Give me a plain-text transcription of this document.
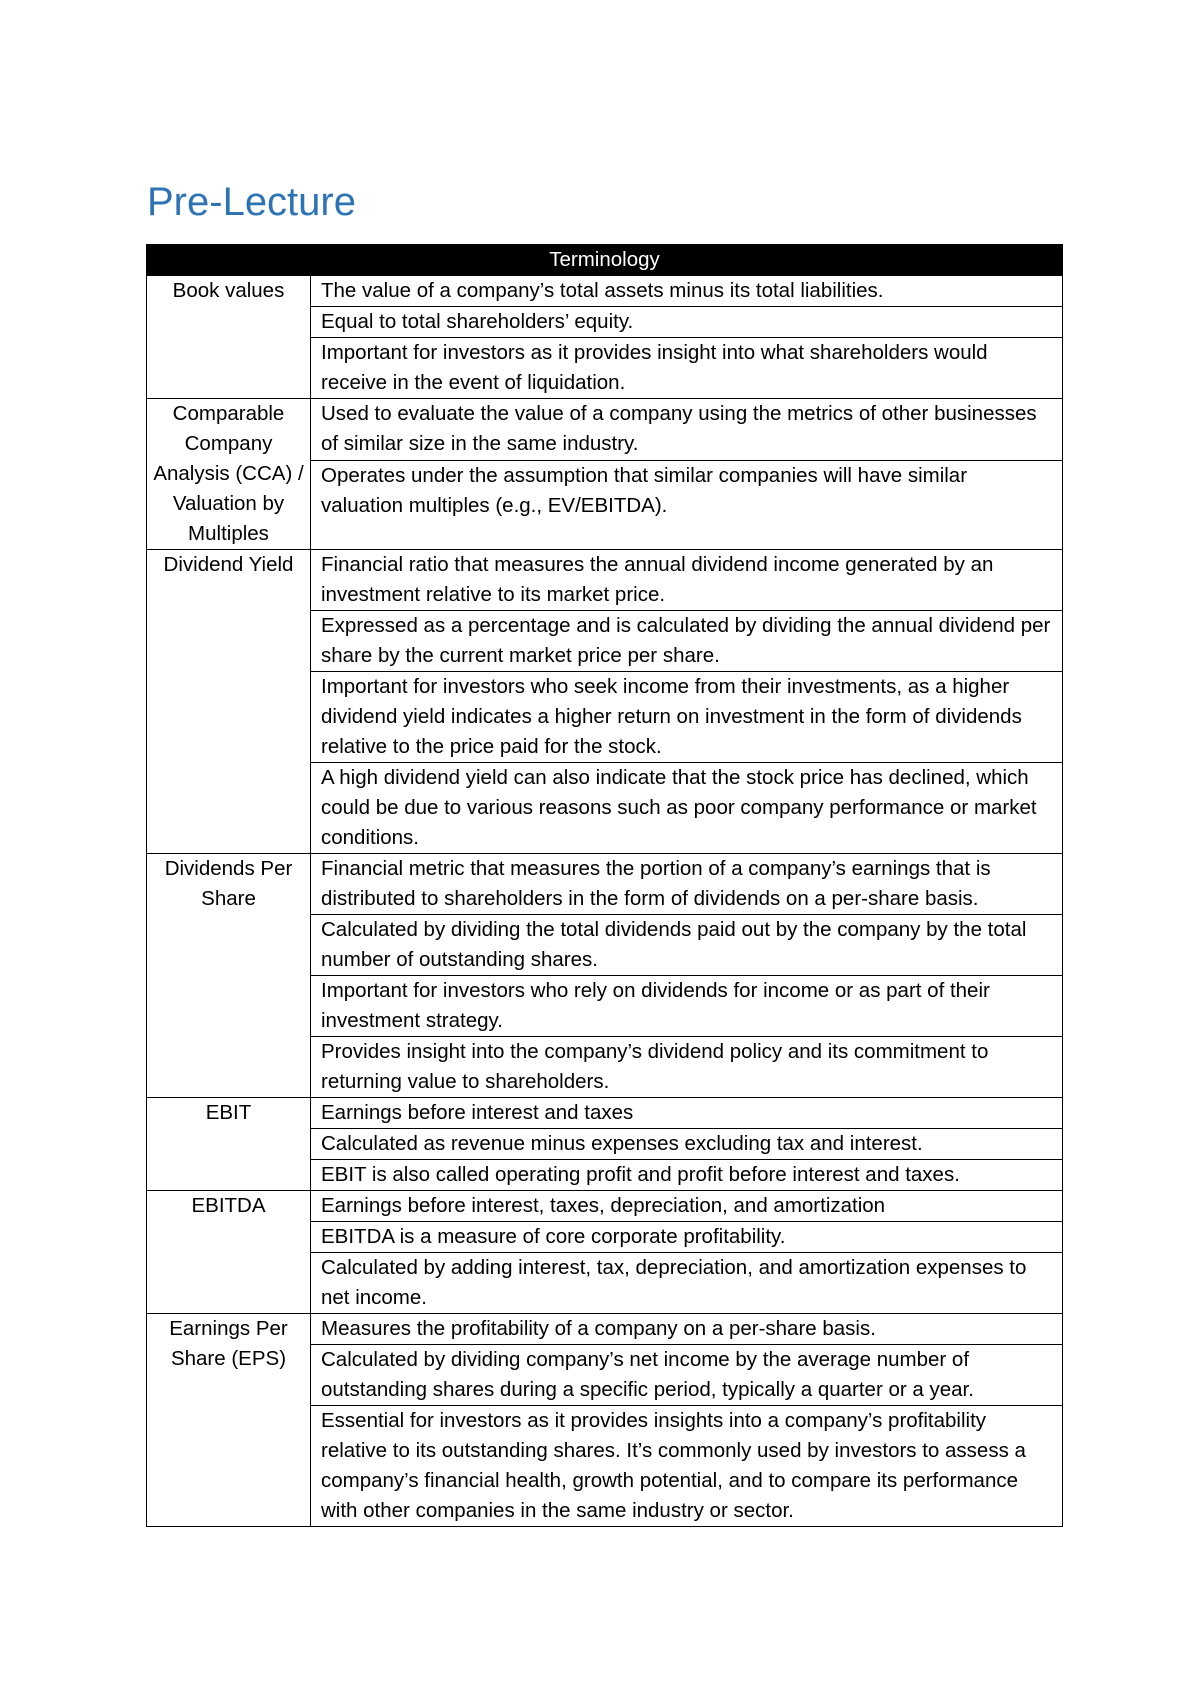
Pre-Lecture
Terminology	
Book values	The value of a company’s total assets minus its total liabilities.
	Equal to total shareholders’ equity.
	Important for investors as it provides insight into what shareholders would receive in the event of liquidation.
Comparable Company Analysis (CCA) / Valuation by Multiples	Used to evaluate the value of a company using the metrics of other businesses of similar size in the same industry.
	Operates under the assumption that similar companies will have similar valuation multiples (e.g., EV/EBITDA).
Dividend Yield	Financial ratio that measures the annual dividend income generated by an investment relative to its market price.
	Expressed as a percentage and is calculated by dividing the annual dividend per share by the current market price per share.
	Important for investors who seek income from their investments, as a higher dividend yield indicates a higher return on investment in the form of dividends relative to the price paid for the stock.
	A high dividend yield can also indicate that the stock price has declined, which could be due to various reasons such as poor company performance or market conditions.
Dividends Per Share	Financial metric that measures the portion of a company’s earnings that is distributed to shareholders in the form of dividends on a per-share basis.
	Calculated by dividing the total dividends paid out by the company by the total number of outstanding shares.
	Important for investors who rely on dividends for income or as part of their investment strategy.
	Provides insight into the company’s dividend policy and its commitment to returning value to shareholders.
EBIT	Earnings before interest and taxes
	Calculated as revenue minus expenses excluding tax and interest.
	EBIT is also called operating profit and profit before interest and taxes.
EBITDA	Earnings before interest, taxes, depreciation, and amortization
	EBITDA is a measure of core corporate profitability.
	Calculated by adding interest, tax, depreciation, and amortization expenses to net income.
Earnings Per Share (EPS)	Measures the profitability of a company on a per-share basis.
	Calculated by dividing company’s net income by the average number of outstanding shares during a specific period, typically a quarter or a year.
	Essential for investors as it provides insights into a company’s profitability relative to its outstanding shares. It’s commonly used by investors to assess a company’s financial health, growth potential, and to compare its performance with other companies in the same industry or sector.
